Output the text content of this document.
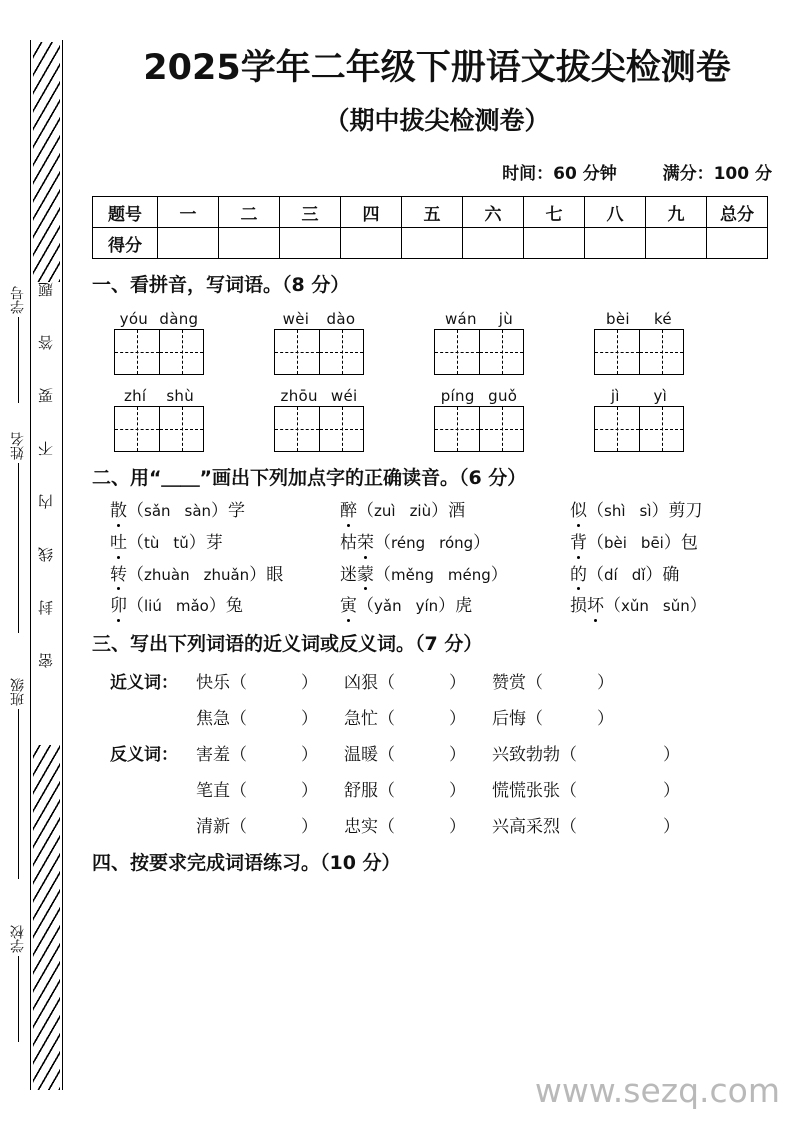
学号
姓名
班级
学校
题
答
要
不
内
线
封
密
2025学年二年级下册语文拔尖检测卷
（期中拔尖检测卷）
时间：60 分钟	满分：100 分
题号	一	二	三	四	五	六	七	八	九	总分
得分										
一、看拼音，写词语。（8 分）
yóu dàng	wèi dào	wán jù	bèi ké
zhí shù	zhōu wéi	píng guǒ	jì yì
二、用“＿＿”画出下列加点字的正确读音。（6 分）
散（sǎn sàn）学	醉（zuì ziù）酒	似（shì sì）剪刀
吐（tù tǔ）芽	枯荣（réng róng）	背（bèi bēi）包
转（zhuàn zhuǎn）眼	迷蒙（měng méng）	的（dí dǐ）确
卯（liú mǎo）兔	寅（yǎn yín）虎	损坏（xǔn sǔn）
三、写出下列词语的近义词或反义词。（7 分）
近义词：	快乐（	）	凶狠（	）	赞赏（	）
焦急（	）	急忙（	）	后悔（	）
反义词：	害羞（	）	温暖（	）	兴致勃勃（	）
笔直（	）	舒服（	）	慌慌张张（	）
清新（	）	忠实（	）	兴高采烈（	）
四、按要求完成词语练习。（10 分）
www.sezq.com
